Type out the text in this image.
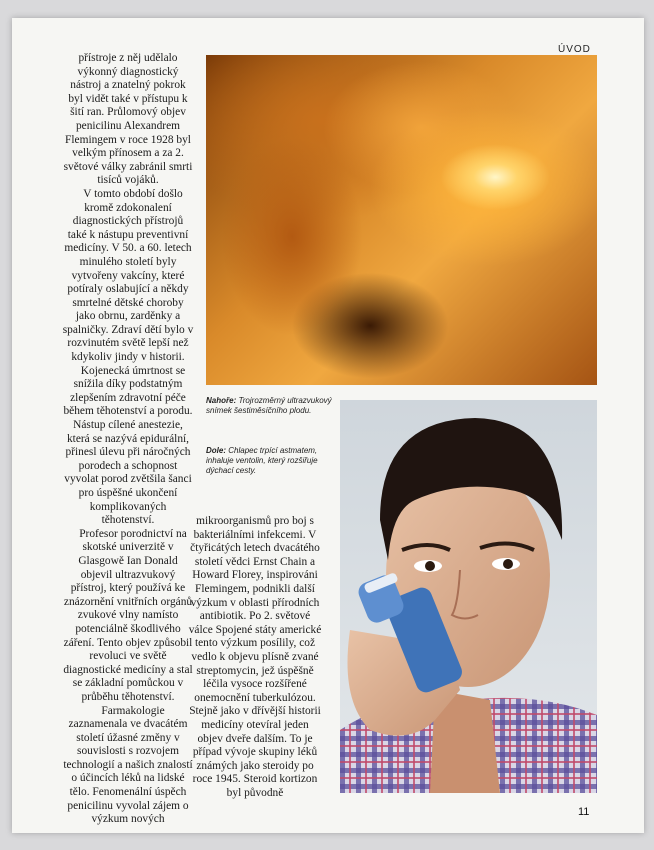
ÚVOD

přístroje z něj udělalo výkonný diagnostický nástroj a znatelný pokrok byl vidět také v přístupu k šití ran. Průlomový objev penicilinu Alexandrem Flemingem v roce 1928 byl velkým přínosem a za 2. světové války zabránil smrti tisíců vojáků.

V tomto období došlo kromě zdokonalení diagnostických přístrojů také k nástupu preventivní medicíny. V 50. a 60. letech minulého století byly vytvořeny vakcíny, které potíraly oslabující a někdy smrtelné dětské choroby jako obrnu, zarděnky a spalničky. Zdraví dětí bylo v rozvinutém světě lepší než kdykoliv jindy v historii.

Kojenecká úmrtnost se snížila díky podstatným zlepšením zdravotní péče během těhotenství a porodu. Nástup cílené anestezie, která se nazývá epidurální, přinesl úlevu při náročných porodech a schopnost vyvolat porod zvětšila šanci pro úspěšné ukončení komplikovaných těhotenství.

Profesor porodnictví na skotské univerzitě v Glasgowě Ian Donald objevil ultrazvukový přístroj, který používá ke znázornění vnitřních orgánů zvukové vlny namísto potenciálně škodlivého záření. Tento objev způsobil revoluci ve světě diagnostické medicíny a stal se základní pomůckou v průběhu těhotenství.

Farmakologie zaznamenala ve dvacátém století úžasné změny v souvislosti s rozvojem technologií a našich znalostí o účincích léků na lidské tělo. Fenomenální úspěch penicilinu vyvolal zájem o výzkum nových

mikroorganismů pro boj s bakteriálními infekcemi. V čtyřicátých letech dvacátého století vědci Ernst Chain a Howard Florey, inspirováni Flemingem, podnikli další výzkum v oblasti přírodních antibiotik. Po 2. světové válce Spojené státy americké tento výzkum posílily, což vedlo k objevu plísně zvané streptomycin, jež úspěšně léčila vysoce rozšířené onemocnění tuberkulózou. Stejně jako v dřívější historii medicíny otevíral jeden objev dveře dalším. To je případ vývoje skupiny léků známých jako steroidy po roce 1945. Steroid kortizon byl původně

Nahoře: Trojrozměrný ultrazvukový snímek šestiměsíčního plodu.
Dole: Chlapec trpící astmatem, inhaluje ventolin, který rozšiřuje dýchací cesty.
11
